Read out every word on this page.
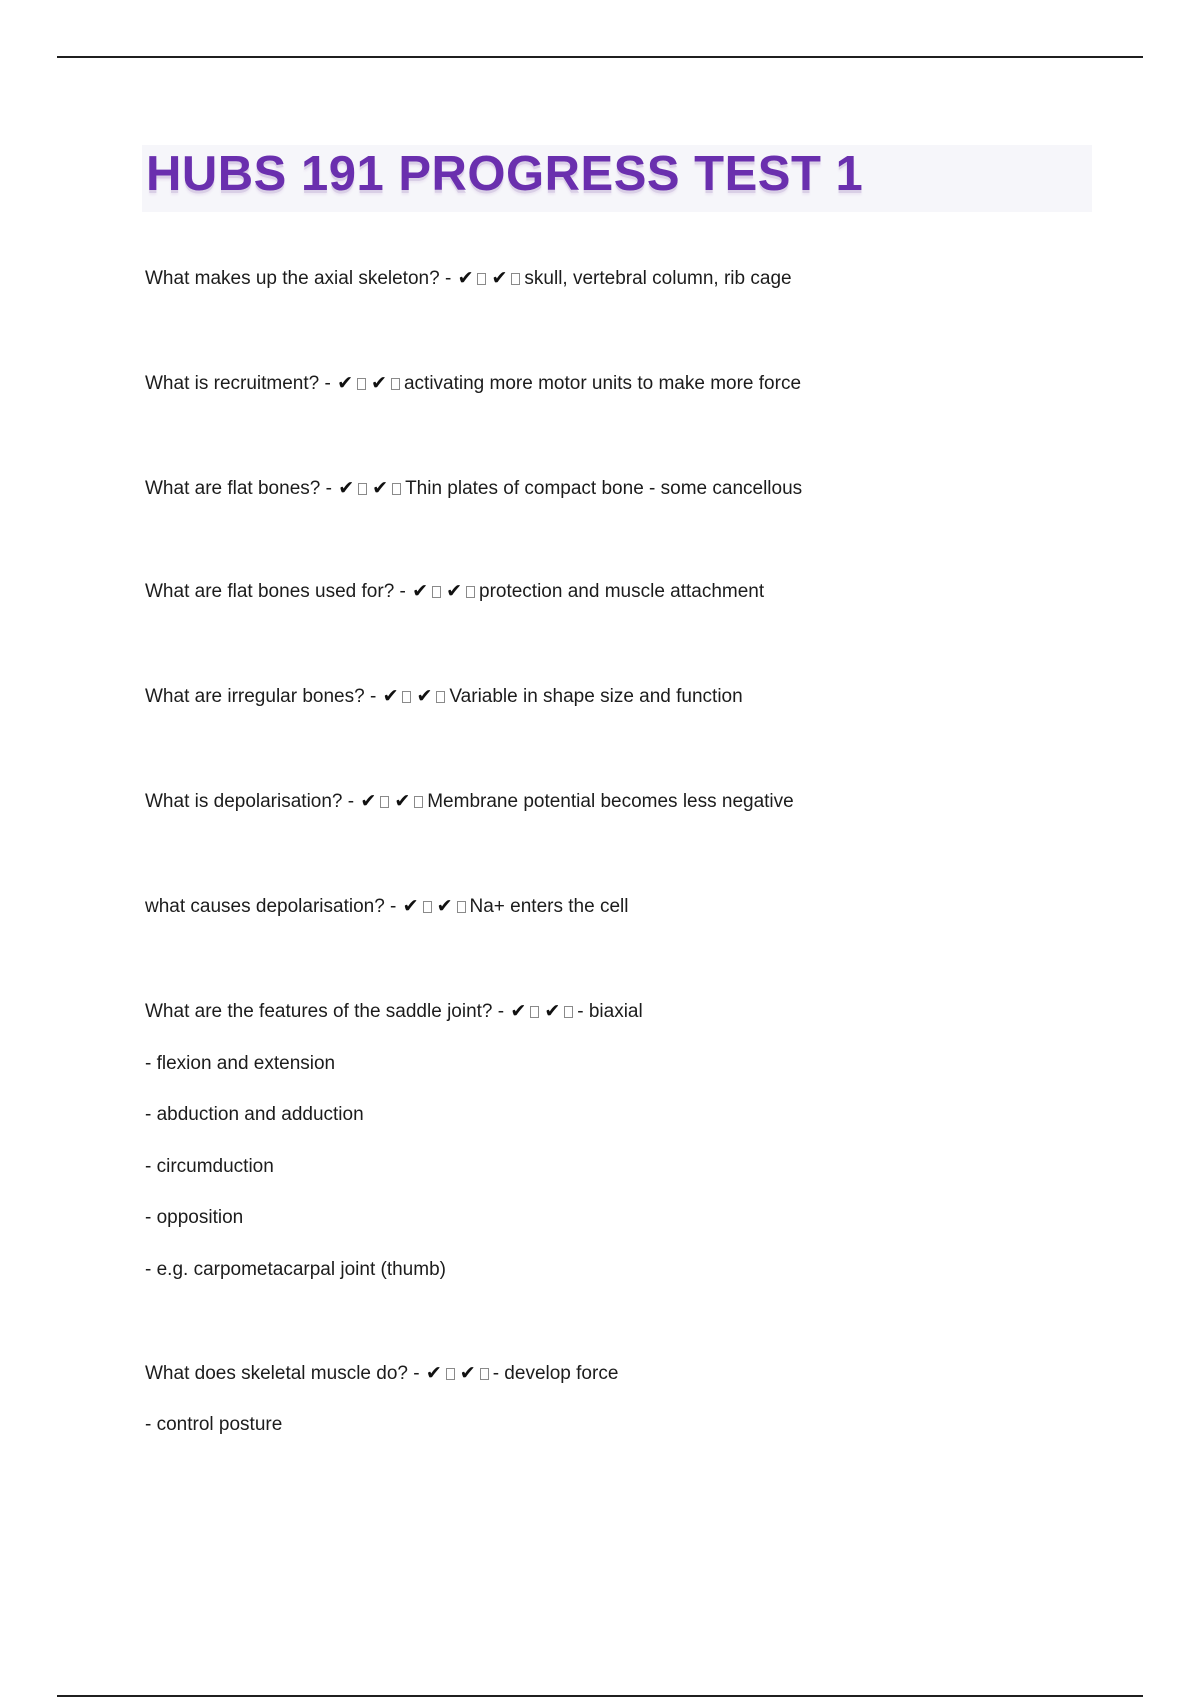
HUBS 191 PROGRESS TEST 1

What makes up the axial skeleton? - ✔ ✔ skull, vertebral column, rib cage

What is recruitment? - ✔ ✔ activating more motor units to make more force

What are flat bones? - ✔ ✔ Thin plates of compact bone - some cancellous

What are flat bones used for? - ✔ ✔ protection and muscle attachment

What are irregular bones? - ✔ ✔ Variable in shape size and function

What is depolarisation? - ✔ ✔ Membrane potential becomes less negative

what causes depolarisation? - ✔ ✔ Na+ enters the cell

What are the features of the saddle joint? - ✔ ✔ - biaxial

- flexion and extension

- abduction and adduction

- circumduction

- opposition

- e.g. carpometacarpal joint (thumb)

What does skeletal muscle do? - ✔ ✔ - develop force

- control posture
